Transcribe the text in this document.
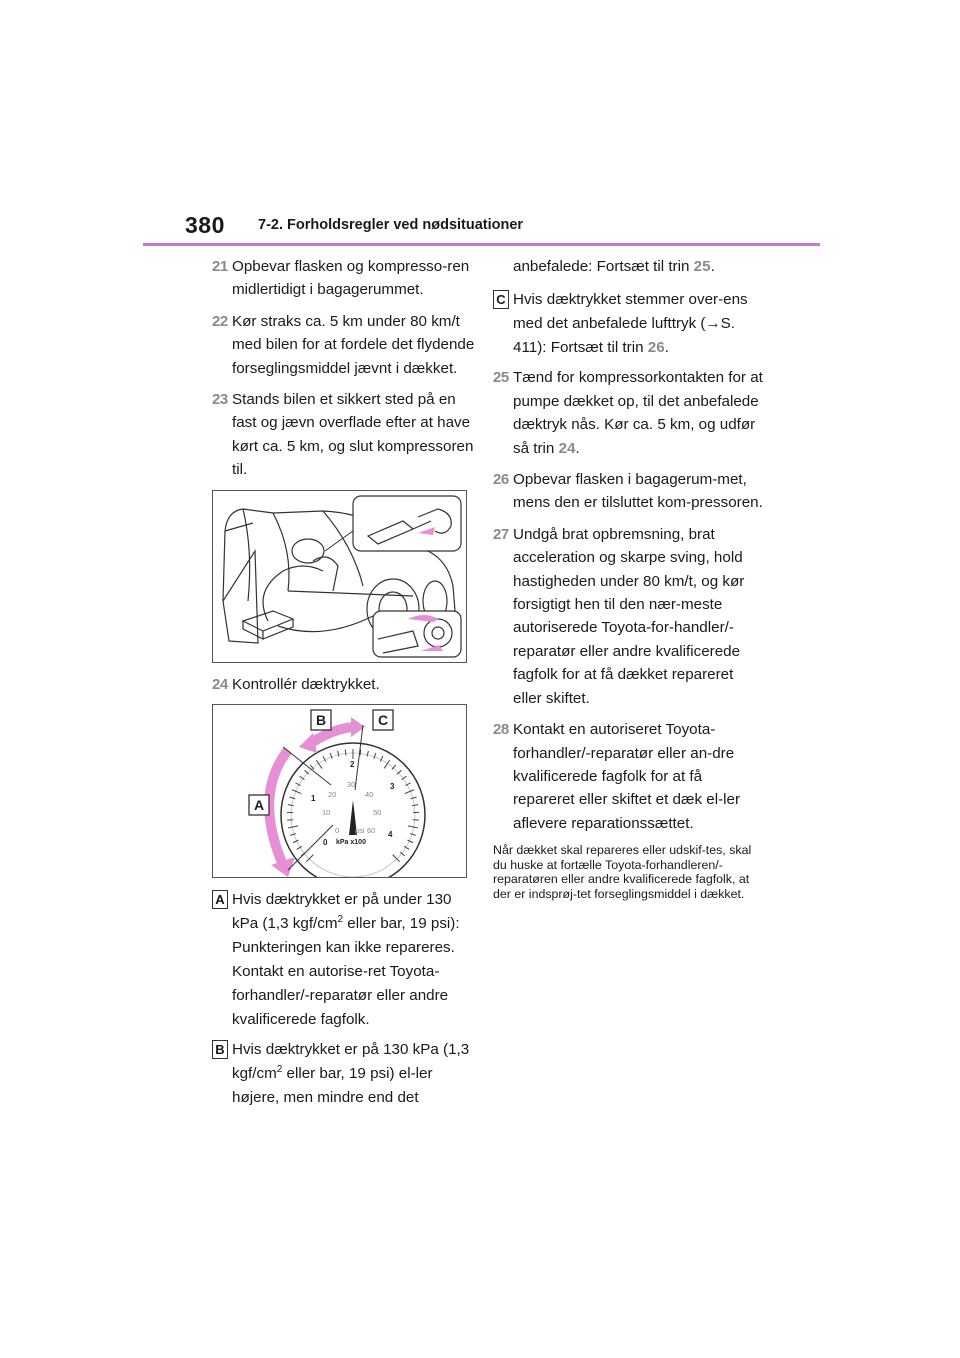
380 7-2. Forholdsregler ved nødsituationer
21 Opbevar flasken og kompresso-ren midlertidigt i bagagerummet.
22 Kør straks ca. 5 km under 80 km/t med bilen for at fordele det flydende forseglingsmiddel jævnt i dækket.
23 Stands bilen et sikkert sted på en fast og jævn overflade efter at have kørt ca. 5 km, og slut kompressoren til.
24 Kontrollér dæktrykket.
B	C
A
0
10
20
30
40
50
60
psi
0
1
2
3
4
kPa x100
A Hvis dæktrykket er på under 130 kPa (1,3 kgf/$cm^2$ eller bar, 19 psi): Punkteringen kan ikke repareres. Kontakt en autorise-ret Toyota-forhandler/-reparatør eller andre kvalificerede fagfolk.
B Hvis dæktrykket er på 130 kPa (1,3 kgf/$cm^2$ eller bar, 19 psi) el-ler højere, men mindre end det
anbefalede: Fortsæt til trin 25.
C Hvis dæktrykket stemmer over-ens med det anbefalede lufttryk (→S. 411): Fortsæt til trin 26.
25 Tænd for kompressorkontakten for at pumpe dækket op, til det anbefalede dæktryk nås. Kør ca. 5 km, og udfør så trin 24.
26 Opbevar flasken i bagagerum-met, mens den er tilsluttet kom-pressoren.
27 Undgå brat opbremsning, brat acceleration og skarpe sving, hold hastigheden under 80 km/t, og kør forsigtigt hen til den nær-meste autoriserede Toyota-for-handler/-reparatør eller andre kvalificerede fagfolk for at få dækket repareret eller skiftet.
28 Kontakt en autoriseret Toyota-forhandler/-reparatør eller an-dre kvalificerede fagfolk for at få repareret eller skiftet et dæk el-ler aflevere reparationssættet.
Når dækket skal repareres eller udskif-tes, skal du huske at fortælle Toyota-forhandleren/-reparatøren eller andre kvalificerede fagfolk, at der er indsprøj-tet forseglingsmiddel i dækket.
